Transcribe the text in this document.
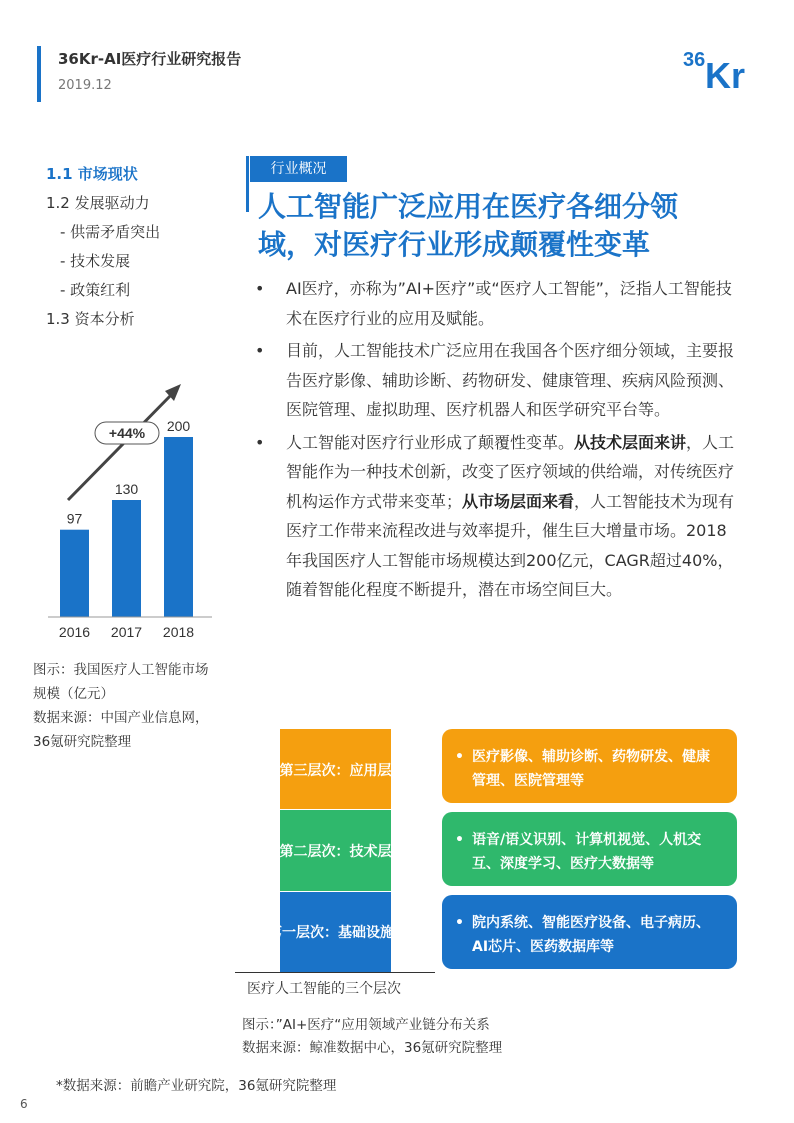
36Kr-AI医疗行业研究报告
2019.12
36 Kr
1.1 市场现状
1.2 发展驱动力
- 供需矛盾突出
- 技术发展
- 政策红利
1.3 资本分析
+44%
97
2016
130
2017
200
2018
图示：我国医疗人工智能市场
规模（亿元）
数据来源：中国产业信息网，
36氪研究院整理
行业概况
人工智能广泛应用在医疗各细分领
域，对医疗行业形成颠覆性变革
• AI医疗，亦称为”AI+医疗”或“医疗人工智能”，泛指人工智能技术在医疗行业的应用及赋能。
• 目前，人工智能技术广泛应用在我国各个医疗细分领域，主要报告医疗影像、辅助诊断、药物研发、健康管理、疾病风险预测、医院管理、虚拟助理、医疗机器人和医学研究平台等。
• 人工智能对医疗行业形成了颠覆性变革。从技术层面来讲，人工智能作为一种技术创新，改变了医疗领域的供给端，对传统医疗机构运作方式带来变革；从市场层面来看，人工智能技术为现有医疗工作带来流程改进与效率提升，催生巨大增量市场。2018年我国医疗人工智能市场规模达到200亿元，CAGR超过40%，随着智能化程度不断提升，潜在市场空间巨大。
第三层次：应用层
第二层次：技术层
第一层次：基础设施层
医疗人工智能的三个层次
• 医疗影像、辅助诊断、药物研发、健康管理、医院管理等
• 语音/语义识别、计算机视觉、人机交互、深度学习、医疗大数据等
• 院内系统、智能医疗设备、电子病历、AI芯片、医药数据库等
图示：”AI+医疗“应用领域产业链分布关系
数据来源：鲸准数据中心，36氪研究院整理
*数据来源：前瞻产业研究院，36氪研究院整理
6
